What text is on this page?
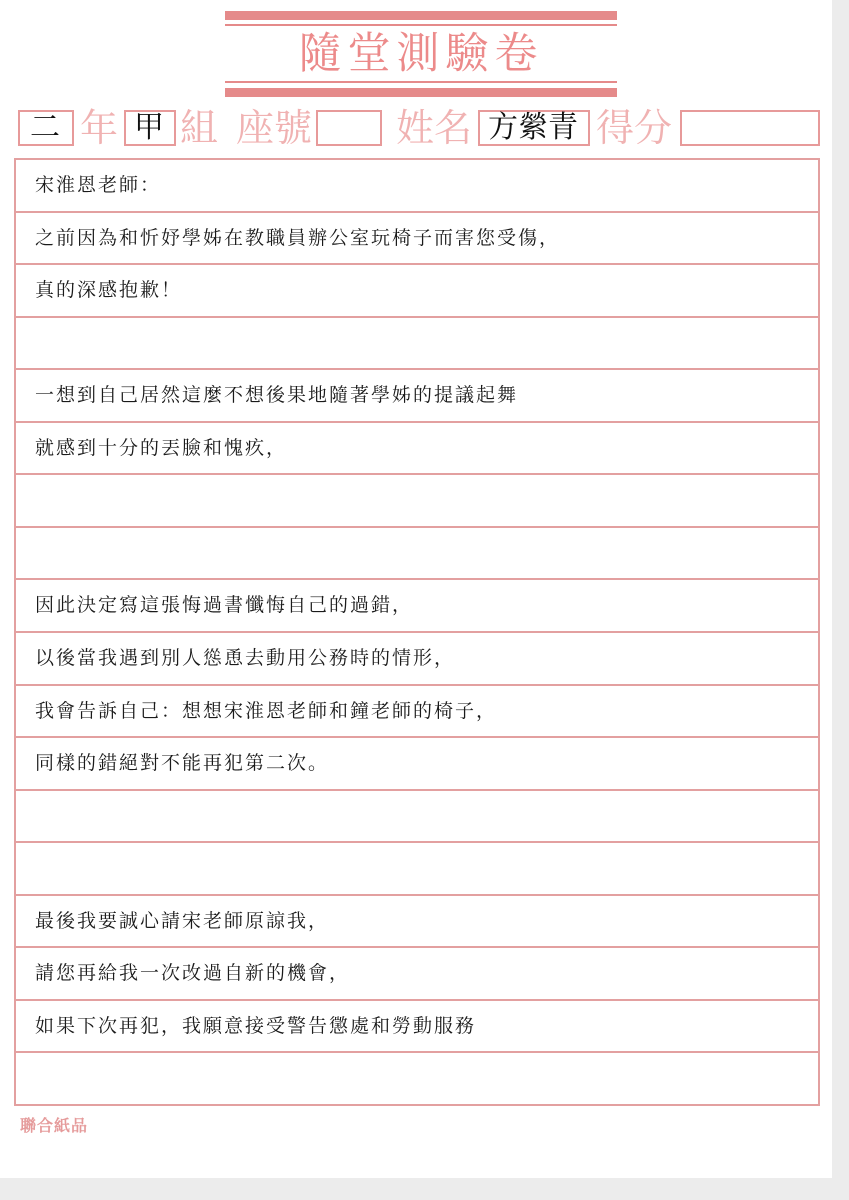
隨堂測驗卷
二 年 甲 組 座號 姓名 方縈青 得分
宋淮恩老師：
之前因為和忻妤學姊在教職員辦公室玩椅子而害您受傷，
真的深感抱歉！
一想到自己居然這麼不想後果地隨著學姊的提議起舞
就感到十分的丟臉和愧疚，
因此決定寫這張悔過書懺悔自己的過錯，
以後當我遇到別人慫恿去動用公務時的情形，
我會告訴自己：想想宋淮恩老師和鐘老師的椅子，
同樣的錯絕對不能再犯第二次。
最後我要誠心請宋老師原諒我，
請您再給我一次改過自新的機會，
如果下次再犯，我願意接受警告懲處和勞動服務
聯合紙品
